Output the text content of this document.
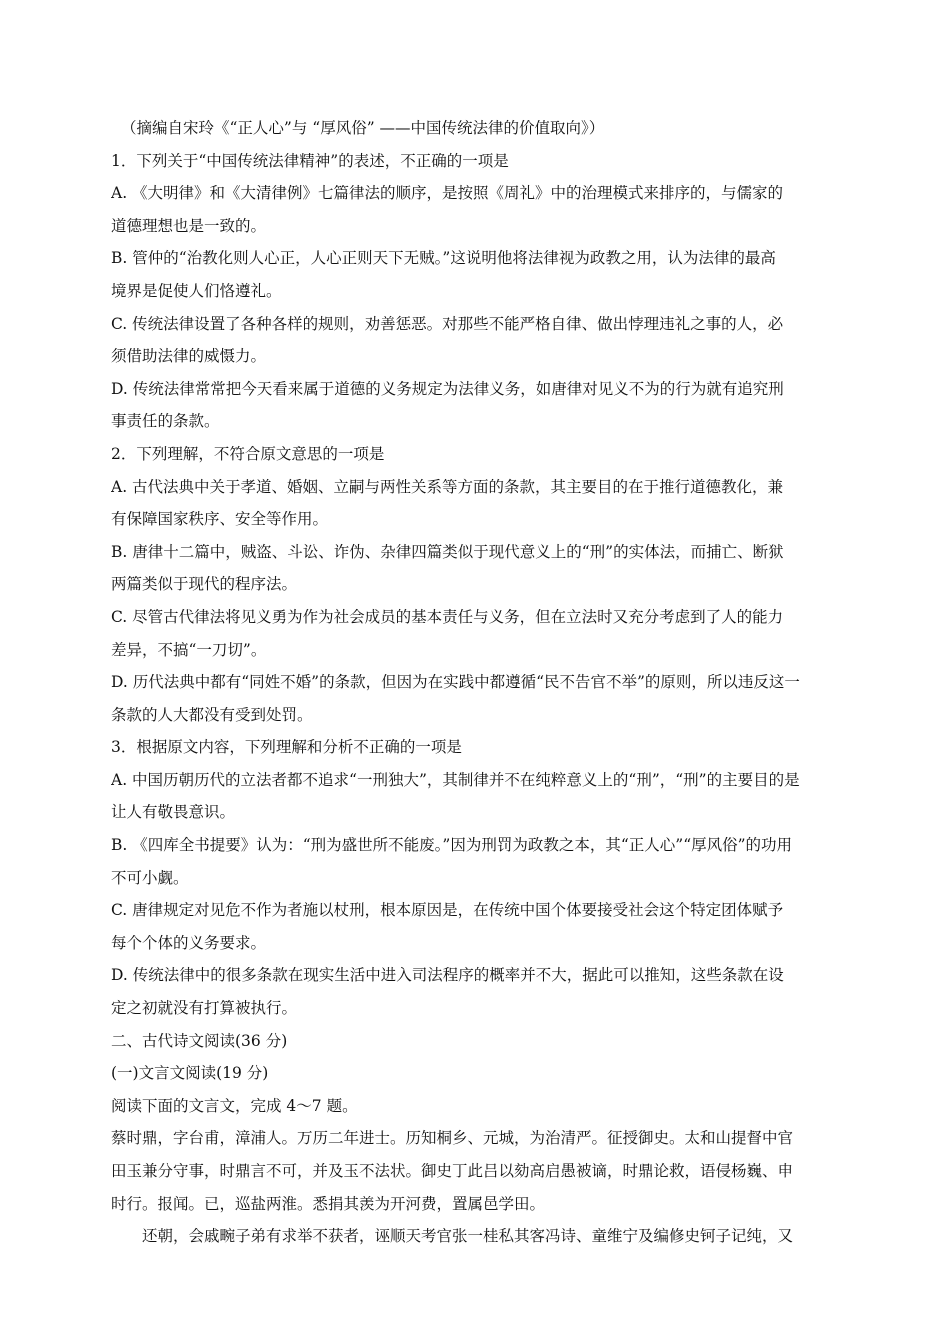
（摘编自宋玲《“正人心”与 “厚风俗” ——中国传统法律的价值取向》）
1．下列关于“中国传统法律精神”的表述，不正确的一项是
A. 《大明律》和《大清律例》七篇律法的顺序，是按照《周礼》中的治理模式来排序的，与儒家的
道德理想也是一致的。
B. 管仲的“治教化则人心正，人心正则天下无贼。”这说明他将法律视为政教之用，认为法律的最高
境界是促使人们恪遵礼。
C. 传统法律设置了各种各样的规则，劝善惩恶。对那些不能严格自律、做出悖理违礼之事的人，必
须借助法律的威慑力。
D. 传统法律常常把今天看来属于道德的义务规定为法律义务，如唐律对见义不为的行为就有追究刑
事责任的条款。
2．下列理解，不符合原文意思的一项是
A. 古代法典中关于孝道、婚姻、立嗣与两性关系等方面的条款，其主要目的在于推行道德教化，兼
有保障国家秩序、安全等作用。
B. 唐律十二篇中，贼盗、斗讼、诈伪、杂律四篇类似于现代意义上的“刑”的实体法，而捕亡、断狱
两篇类似于现代的程序法。
C. 尽管古代律法将见义勇为作为社会成员的基本责任与义务，但在立法时又充分考虑到了人的能力
差异，不搞“一刀切”。
D. 历代法典中都有“同姓不婚”的条款，但因为在实践中都遵循“民不告官不举”的原则，所以违反这一
条款的人大都没有受到处罚。
3．根据原文内容，下列理解和分析不正确的一项是
A. 中国历朝历代的立法者都不追求“一刑独大”，其制律并不在纯粹意义上的“刑”，“刑”的主要目的是
让人有敬畏意识。
B. 《四库全书提要》认为：“刑为盛世所不能废。”因为刑罚为政教之本，其“正人心”“厚风俗”的功用
不可小觑。
C. 唐律规定对见危不作为者施以杖刑，根本原因是，在传统中国个体要接受社会这个特定团体赋予
每个个体的义务要求。
D. 传统法律中的很多条款在现实生活中进入司法程序的概率并不大，据此可以推知，这些条款在设
定之初就没有打算被执行。
二、古代诗文阅读(36 分)
(一)文言文阅读(19 分)
阅读下面的文言文，完成 4～7 题。
蔡时鼎，字台甫，漳浦人。万历二年进士。历知桐乡、元城，为治清严。征授御史。太和山提督中官
田玉兼分守事，时鼎言不可，并及玉不法状。御史丁此吕以劾高启愚被谪，时鼎论救，语侵杨巍、申
时行。报闻。已，巡盐两淮。悉捐其羡为开河费，置属邑学田。
还朝，会戚畹子弟有求举不获者，诬顺天考官张一桂私其客冯诗、童维宁及编修史钶子记纯，又
